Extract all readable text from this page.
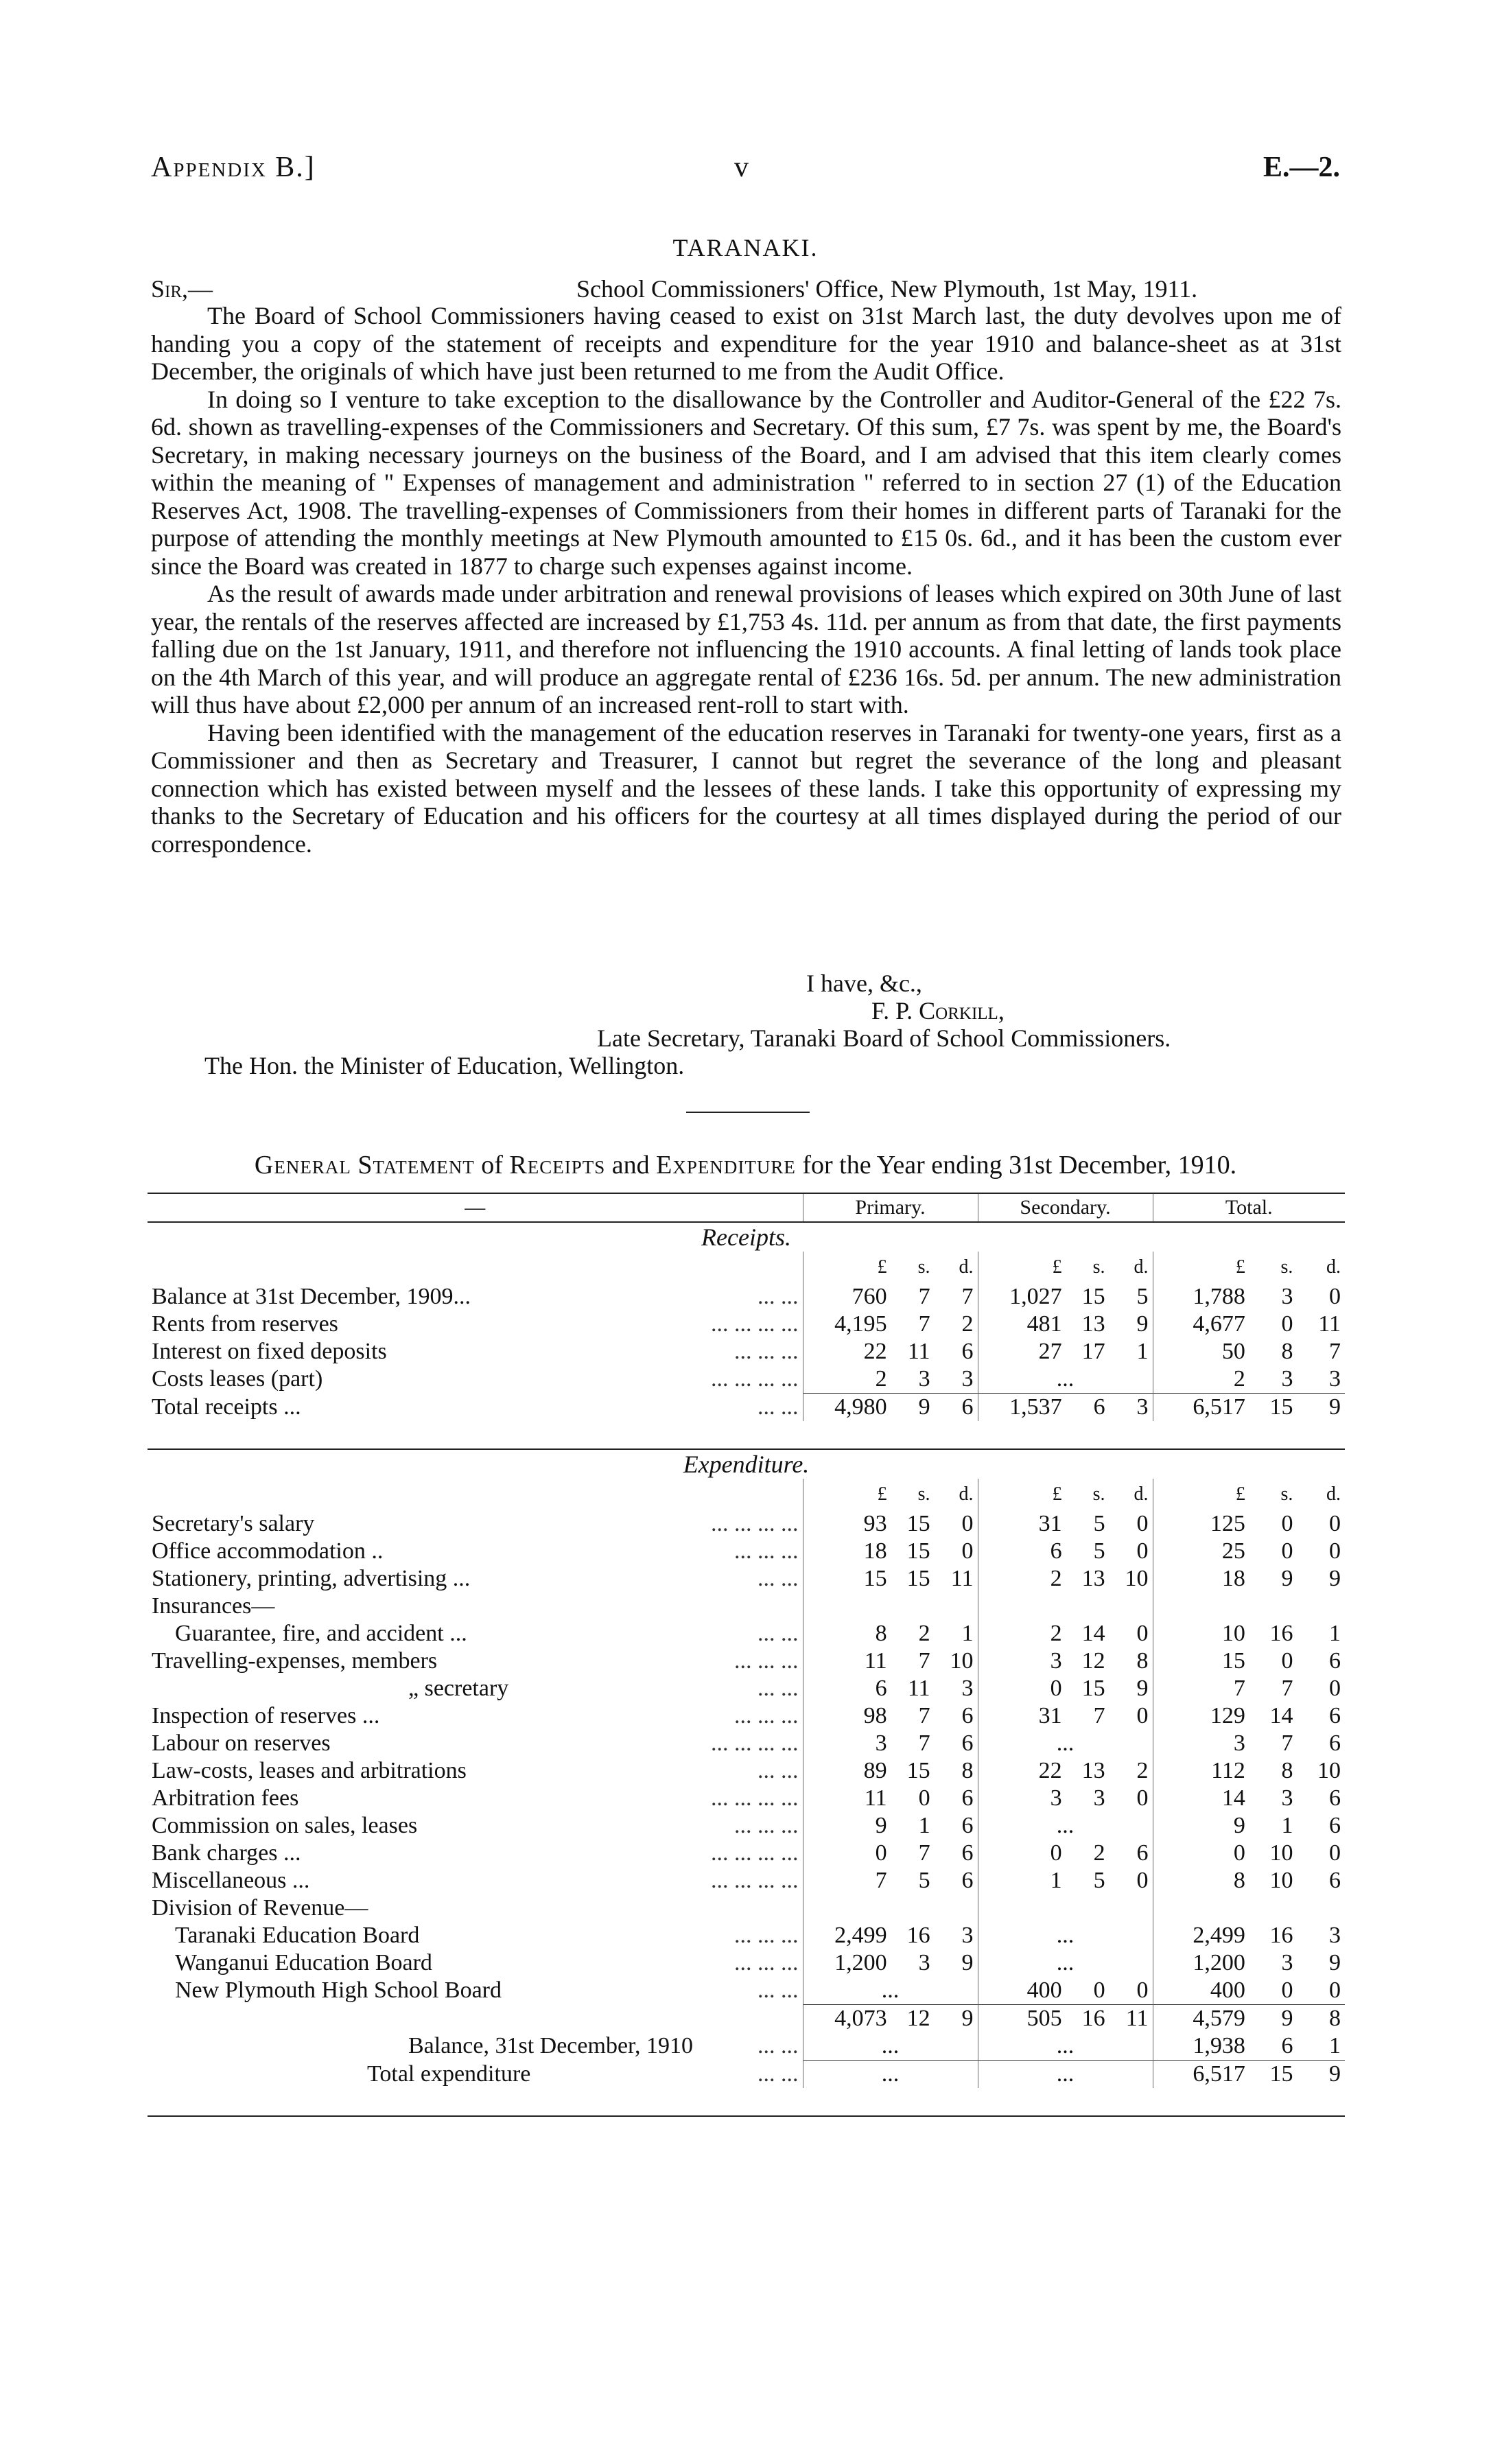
Appendix B.]	v	E.—2.
TARANAKI.
Sir,—	School Commissioners' Office, New Plymouth, 1st May, 1911.

The Board of School Commissioners having ceased to exist on 31st March last, the duty devolves upon me of handing you a copy of the statement of receipts and expenditure for the year 1910 and balance-sheet as at 31st December, the originals of which have just been returned to me from the Audit Office.

In doing so I venture to take exception to the disallowance by the Controller and Auditor-General of the £22 7s. 6d. shown as travelling-expenses of the Commissioners and Secretary. Of this sum, £7 7s. was spent by me, the Board's Secretary, in making necessary journeys on the business of the Board, and I am advised that this item clearly comes within the meaning of " Expenses of management and administration " referred to in section 27 (1) of the Education Reserves Act, 1908. The travelling-expenses of Commissioners from their homes in different parts of Taranaki for the purpose of attending the monthly meetings at New Plymouth amounted to £15 0s. 6d., and it has been the custom ever since the Board was created in 1877 to charge such expenses against income.

As the result of awards made under arbitration and renewal provisions of leases which expired on 30th June of last year, the rentals of the reserves affected are increased by £1,753 4s. 11d. per annum as from that date, the first payments falling due on the 1st January, 1911, and therefore not influencing the 1910 accounts. A final letting of lands took place on the 4th March of this year, and will produce an aggregate rental of £236 16s. 5d. per annum. The new administration will thus have about £2,000 per annum of an increased rent-roll to start with.

Having been identified with the management of the education reserves in Taranaki for twenty-one years, first as a Commissioner and then as Secretary and Treasurer, I cannot but regret the severance of the long and pleasant connection which has existed between myself and the lessees of these lands. I take this opportunity of expressing my thanks to the Secretary of Education and his officers for the courtesy at all times displayed during the period of our correspondence.

I have, &c.,
F. P. Corkill,
Late Secretary, Taranaki Board of School Commissioners.
The Hon. the Minister of Education, Wellington.
General Statement of Receipts and Expenditure for the Year ending 31st December, 1910.
—	Primary.	Secondary.	Total.
Receipts.			

	£ s. d.	£ s. d.	£ s. d.

Balance at 31st December, 1909... ... ...	760 7 7	1,027 15 5	1,788 3 0

Rents from reserves ... ... ... ...	4,195 7 2	481 13 9	4,677 0 11

Interest on fixed deposits ... ... ...	22 11 6	27 17 1	50 8 7

Costs leases (part) ... ... ... ...	2 3 3	...	2 3 3

Total receipts ... ... ...	4,980 9 6	1,537 6 3	6,517 15 9

Expenditure.			

	£ s. d.	£ s. d.	£ s. d.

Secretary's salary ... ... ... ...	93 15 0	31 5 0	125 0 0

Office accommodation .. ... ... ...	18 15 0	6 5 0	25 0 0

Stationery, printing, advertising ... ... ...	15 15 11	2 13 10	18 9 9

Insurances—			

Guarantee, fire, and accident ... ... ...	8 2 1	2 14 0	10 16 1

Travelling-expenses, members ... ... ...	11 7 10	3 12 8	15 0 6

„ secretary ... ...	6 11 3	0 15 9	7 7 0

Inspection of reserves ... ... ... ...	98 7 6	31 7 0	129 14 6

Labour on reserves ... ... ... ...	3 7 6	...	3 7 6

Law-costs, leases and arbitrations ... ...	89 15 8	22 13 2	112 8 10

Arbitration fees ... ... ... ...	11 0 6	3 3 0	14 3 6

Commission on sales, leases ... ... ...	9 1 6	...	9 1 6

Bank charges ... ... ... ... ...	0 7 6	0 2 6	0 10 0

Miscellaneous ... ... ... ... ...	7 5 6	1 5 0	8 10 6

Division of Revenue—			

Taranaki Education Board ... ... ...	2,499 16 3	...	2,499 16 3

Wanganui Education Board ... ... ...	1,200 3 9	...	1,200 3 9

New Plymouth High School Board ... ...	...	400 0 0	400 0 0

	4,073 12 9	505 16 11	4,579 9 8

Balance, 31st December, 1910 ... ...	...	...	1,938 6 1

Total expenditure ... ...	...	...	6,517 15 9
